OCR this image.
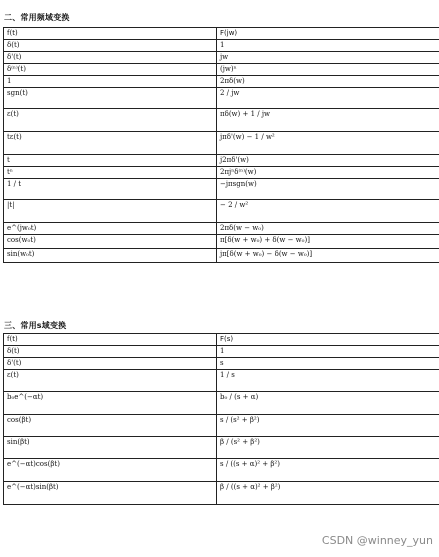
二、常用频域变换
f(t)	F(jw)
δ(t)	1
δ'(t)	jw
δ⁽ⁿ⁾(t)	(jw)ⁿ
1	2πδ(w)
sgn(t)	2 / jw
ε(t)	πδ(w) + 1 / jw
tε(t)	jπδ'(w) − 1 / w²
t	j2πδ'(w)
tⁿ	2πjⁿδ⁽ⁿ⁾(w)
1 / t	−jπsgn(w)
|t|	− 2 / w²
e^(jw₀t)	2πδ(w − w₀)
cos(w₀t)	π[δ(w + w₀) + δ(w − w₀)]
sin(w₀t)	jπ[δ(w + w₀) − δ(w − w₀)]
三、常用s域变换
f(t)	F(s)
δ(t)	1
δ'(t)	s
ε(t)	1 / s
b₀e^(−αt)	b₀ / (s + α)
cos(βt)	s / (s² + β²)
sin(βt)	β / (s² + β²)
e^(−αt)cos(βt)	s / ((s + α)² + β²)
e^(−αt)sin(βt)	β / ((s + α)² + β²)
CSDN @winney_yun
